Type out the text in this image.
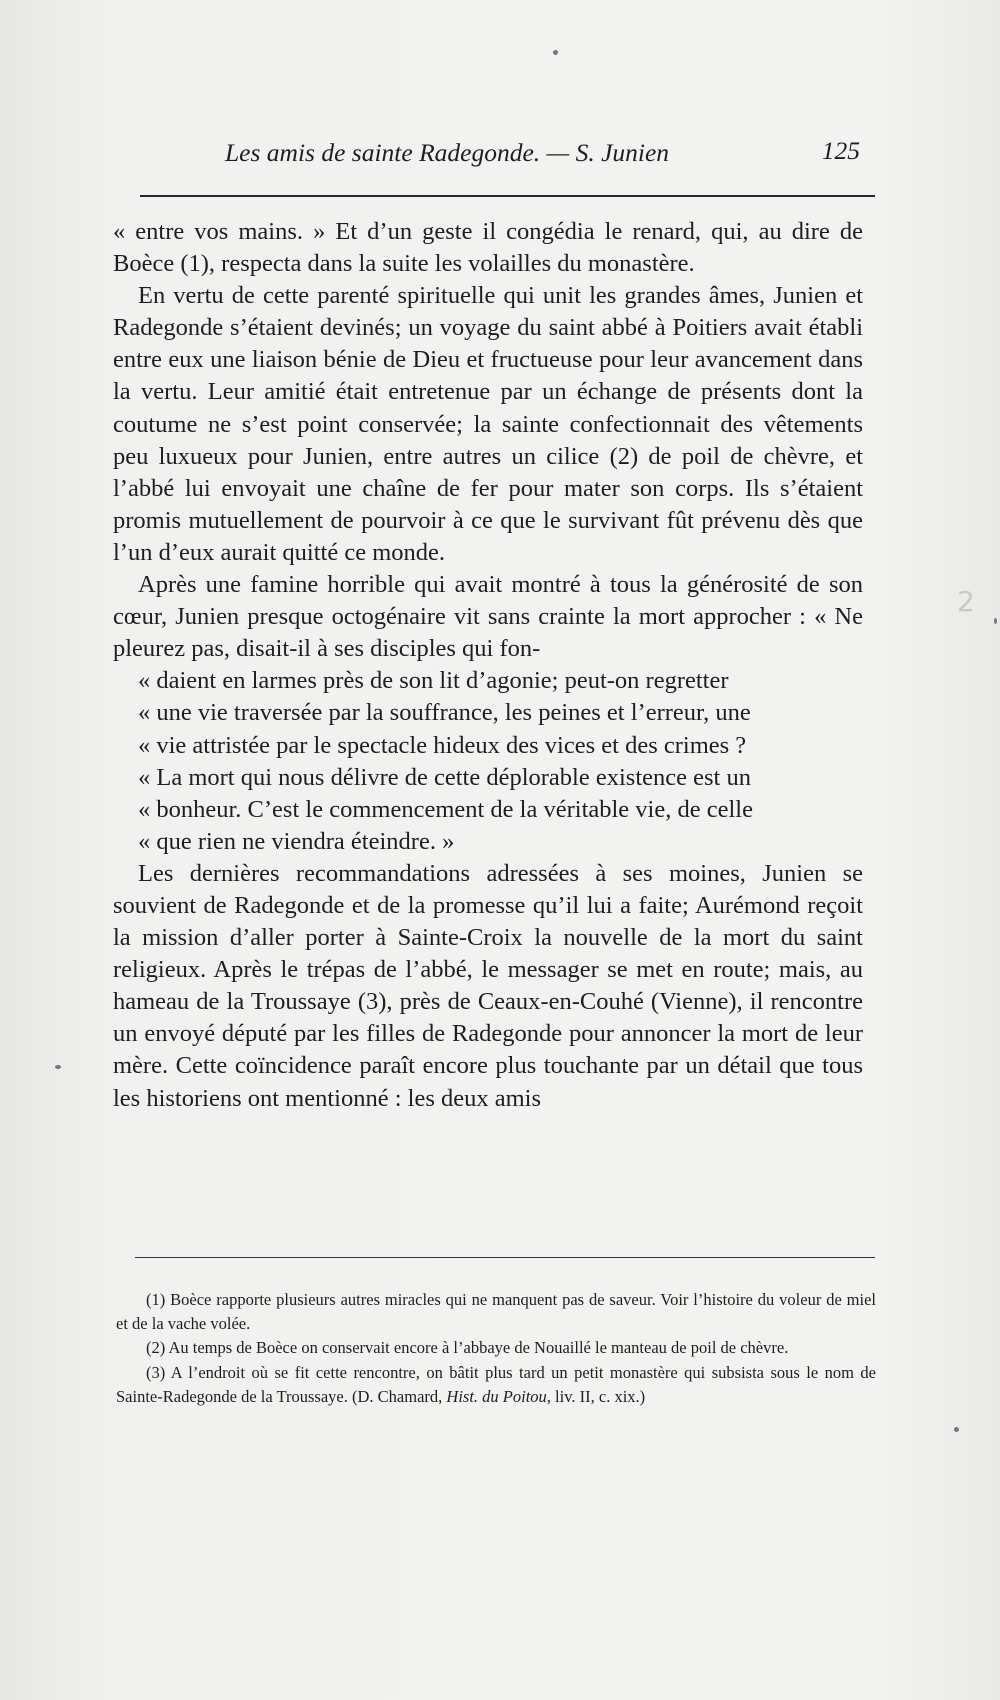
Les amis de sainte Radegonde. — S. Junien	125

« entre vos mains. » Et d’un geste il congédia le renard, qui, au dire de Boèce (1), respecta dans la suite les volailles du monastère.

En vertu de cette parenté spirituelle qui unit les grandes âmes, Junien et Radegonde s’étaient devinés; un voyage du saint abbé à Poitiers avait établi entre eux une liaison bénie de Dieu et fructueuse pour leur avancement dans la vertu. Leur amitié était entretenue par un échange de présents dont la coutume ne s’est point conservée; la sainte confectionnait des vêtements peu luxueux pour Junien, entre autres un cilice (2) de poil de chèvre, et l’abbé lui envoyait une chaîne de fer pour mater son corps. Ils s’étaient promis mutuellement de pourvoir à ce que le survivant fût prévenu dès que l’un d’eux aurait quitté ce monde.

Après une famine horrible qui avait montré à tous la générosité de son cœur, Junien presque octogénaire vit sans crainte la mort approcher : « Ne pleurez pas, disait-il à ses disciples qui fon-
« daient en larmes près de son lit d’agonie; peut-on regretter
« une vie traversée par la souffrance, les peines et l’erreur, une
« vie attristée par le spectacle hideux des vices et des crimes ?
« La mort qui nous délivre de cette déplorable existence est un
« bonheur. C’est le commencement de la véritable vie, de celle
« que rien ne viendra éteindre. »

Les dernières recommandations adressées à ses moines, Junien se souvient de Radegonde et de la promesse qu’il lui a faite; Aurémond reçoit la mission d’aller porter à Sainte-Croix la nouvelle de la mort du saint religieux. Après le trépas de l’abbé, le messager se met en route; mais, au hameau de la Troussaye (3), près de Ceaux-en-Couhé (Vienne), il rencontre un envoyé député par les filles de Radegonde pour annoncer la mort de leur mère. Cette coïncidence paraît encore plus touchante par un détail que tous les historiens ont mentionné : les deux amis

(1) Boèce rapporte plusieurs autres miracles qui ne manquent pas de saveur. Voir l’histoire du voleur de miel et de la vache volée.

(2) Au temps de Boèce on conservait encore à l’abbaye de Nouaillé le manteau de poil de chèvre.

(3) A l’endroit où se fit cette rencontre, on bâtit plus tard un petit monastère qui subsista sous le nom de Sainte-Radegonde de la Troussaye. (D. Chamard, Hist. du Poitou, liv. II, c. xix.)

2
